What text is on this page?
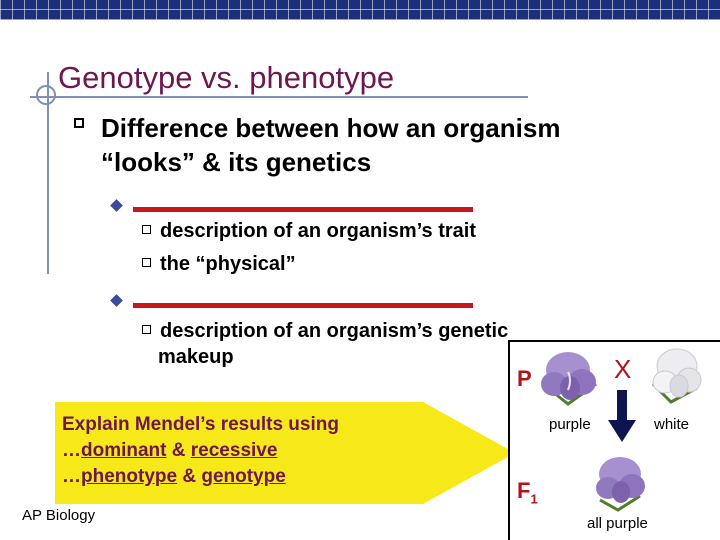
Genotype vs. phenotype
Difference between how an organism
“looks” & its genetics
description of an organism’s trait
the “physical”
description of an organism’s genetic
makeup
Explain Mendel’s results using
…dominant & recessive
…phenotype & genotype
AP Biology
P	X
purple	white
$F_1$
all purple
